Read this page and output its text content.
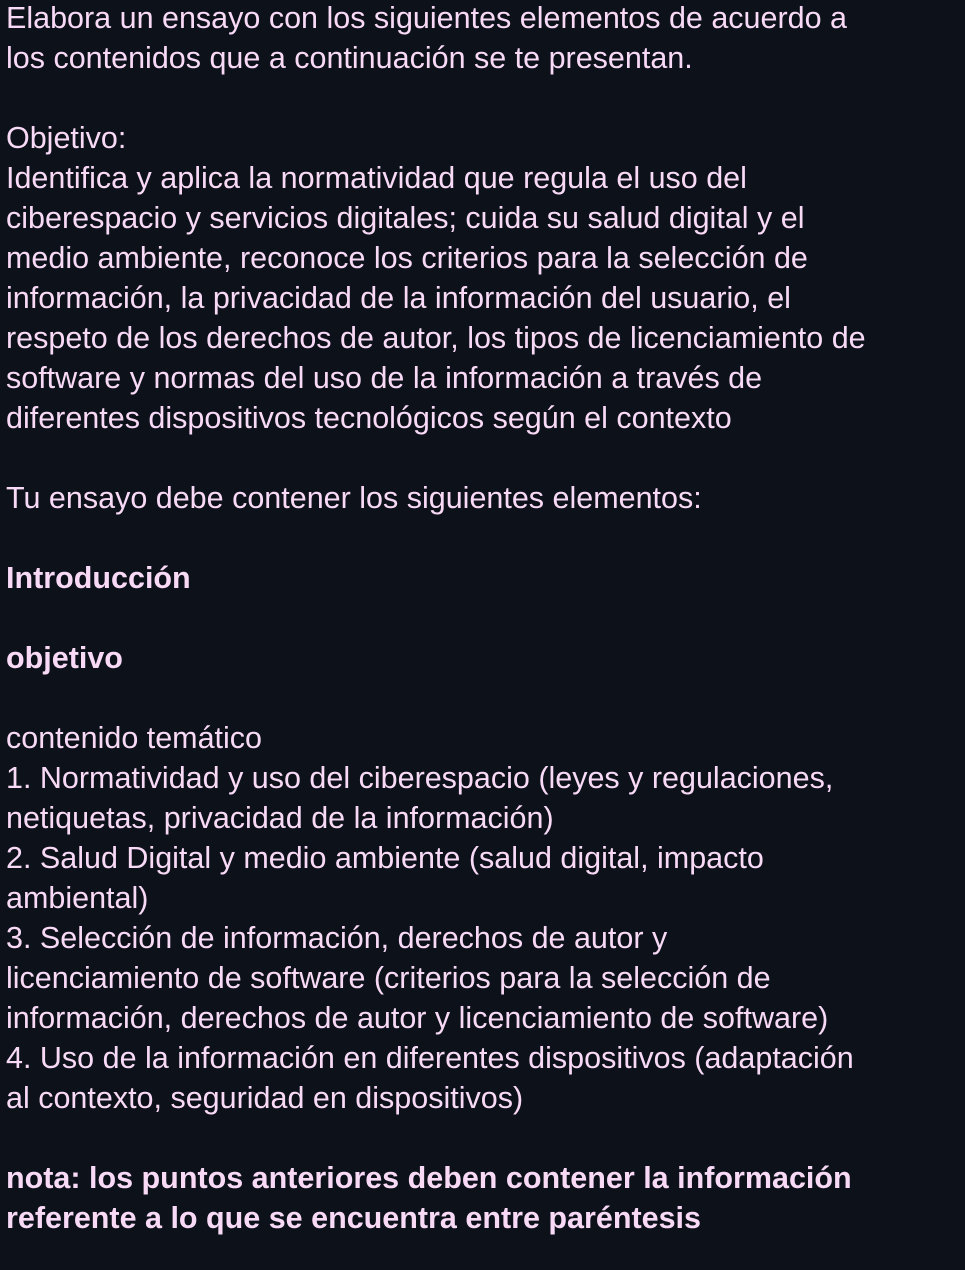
Elabora un ensayo con los siguientes elementos de acuerdo a
los contenidos que a continuación se te presentan.

Objetivo:
Identifica y aplica la normatividad que regula el uso del
ciberespacio y servicios digitales; cuida su salud digital y el
medio ambiente, reconoce los criterios para la selección de
información, la privacidad de la información del usuario, el
respeto de los derechos de autor, los tipos de licenciamiento de
software y normas del uso de la información a través de
diferentes dispositivos tecnológicos según el contexto

Tu ensayo debe contener los siguientes elementos:

Introducción

objetivo

contenido temático
1. Normatividad y uso del ciberespacio (leyes y regulaciones,
netiquetas, privacidad de la información)
2. Salud Digital y medio ambiente (salud digital, impacto
ambiental)
3. Selección de información, derechos de autor y
licenciamiento de software (criterios para la selección de
información, derechos de autor y licenciamiento de software)
4. Uso de la información en diferentes dispositivos (adaptación
al contexto, seguridad en dispositivos)

nota: los puntos anteriores deben contener la información
referente a lo que se encuentra entre paréntesis
